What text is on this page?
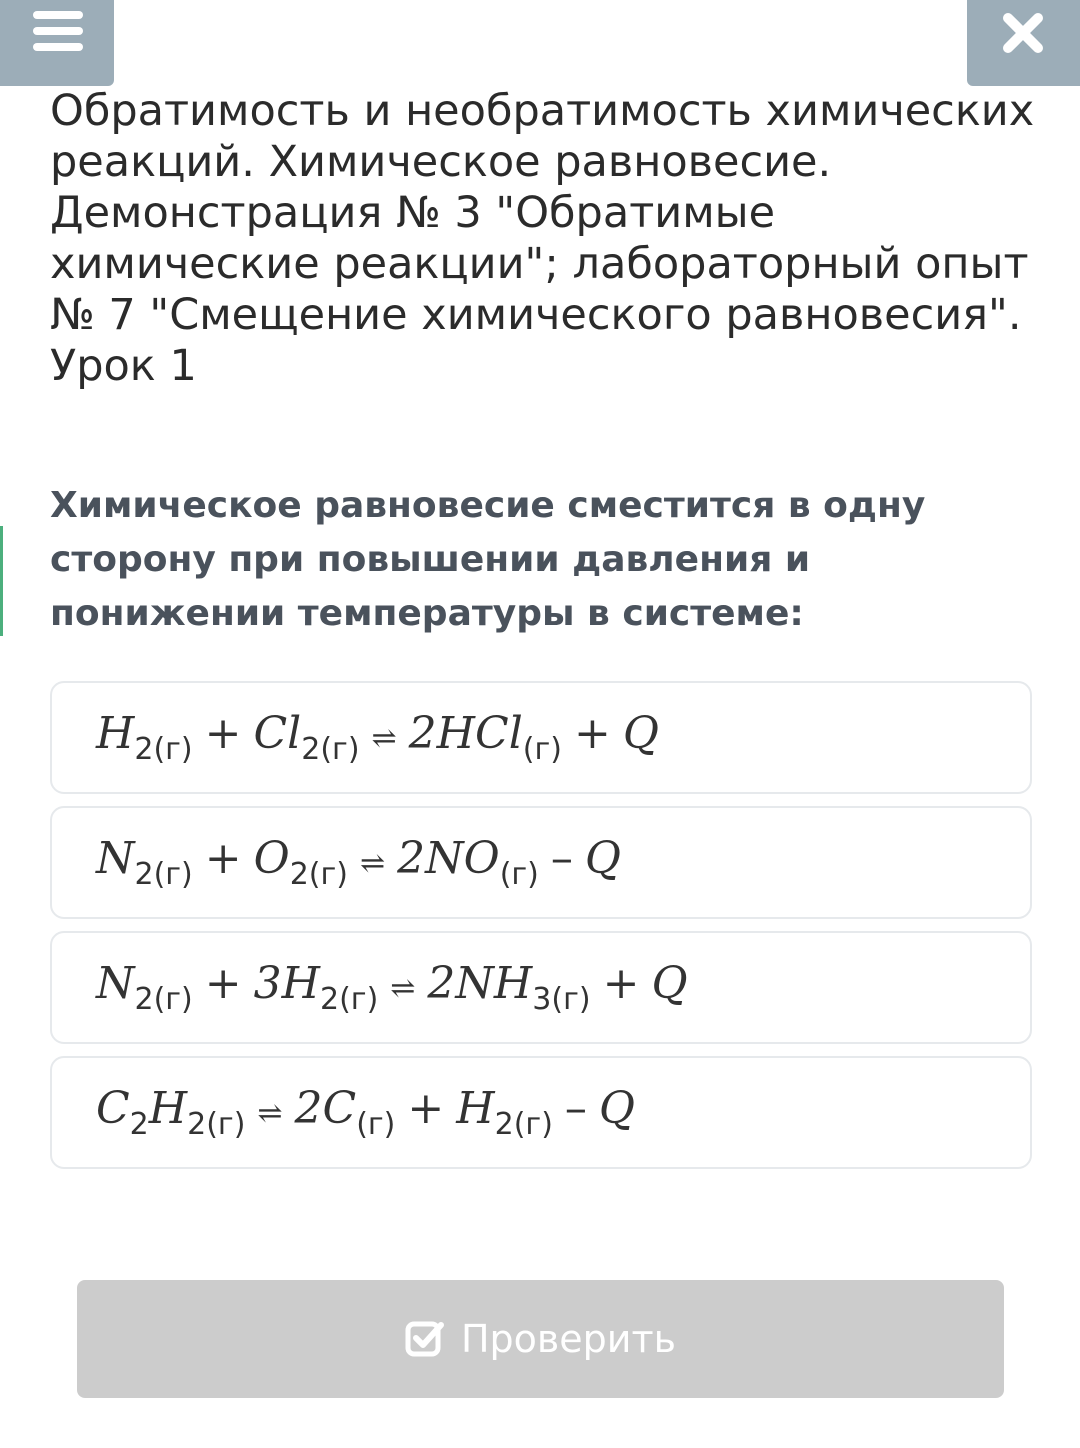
Обратимость и необратимость химических реакций. Химическое равновесие. Демонстрация № 3 "Обратимые химические реакции"; лабораторный опыт № 7 "Смещение химического равновесия". Урок 1

Химическое равновесие сместится в одну сторону при повышении давления и понижении температуры в системе:

$H_{2(г)} + Cl_{2(г)}$ ⇌ 2HCl$_{(г)}$ + Q
$N_{2(г)} + O_{2(г)}$ ⇌ $2NO_{(г)}$ – Q
$N_{2(г)} + 3H_{2(г)}$ ⇌ $2NH_{3(г)} + Q$
$C_2H_{2(г)}$ ⇌ $2C_{(г)} + H_{2(г)} - Q$
Проверить
